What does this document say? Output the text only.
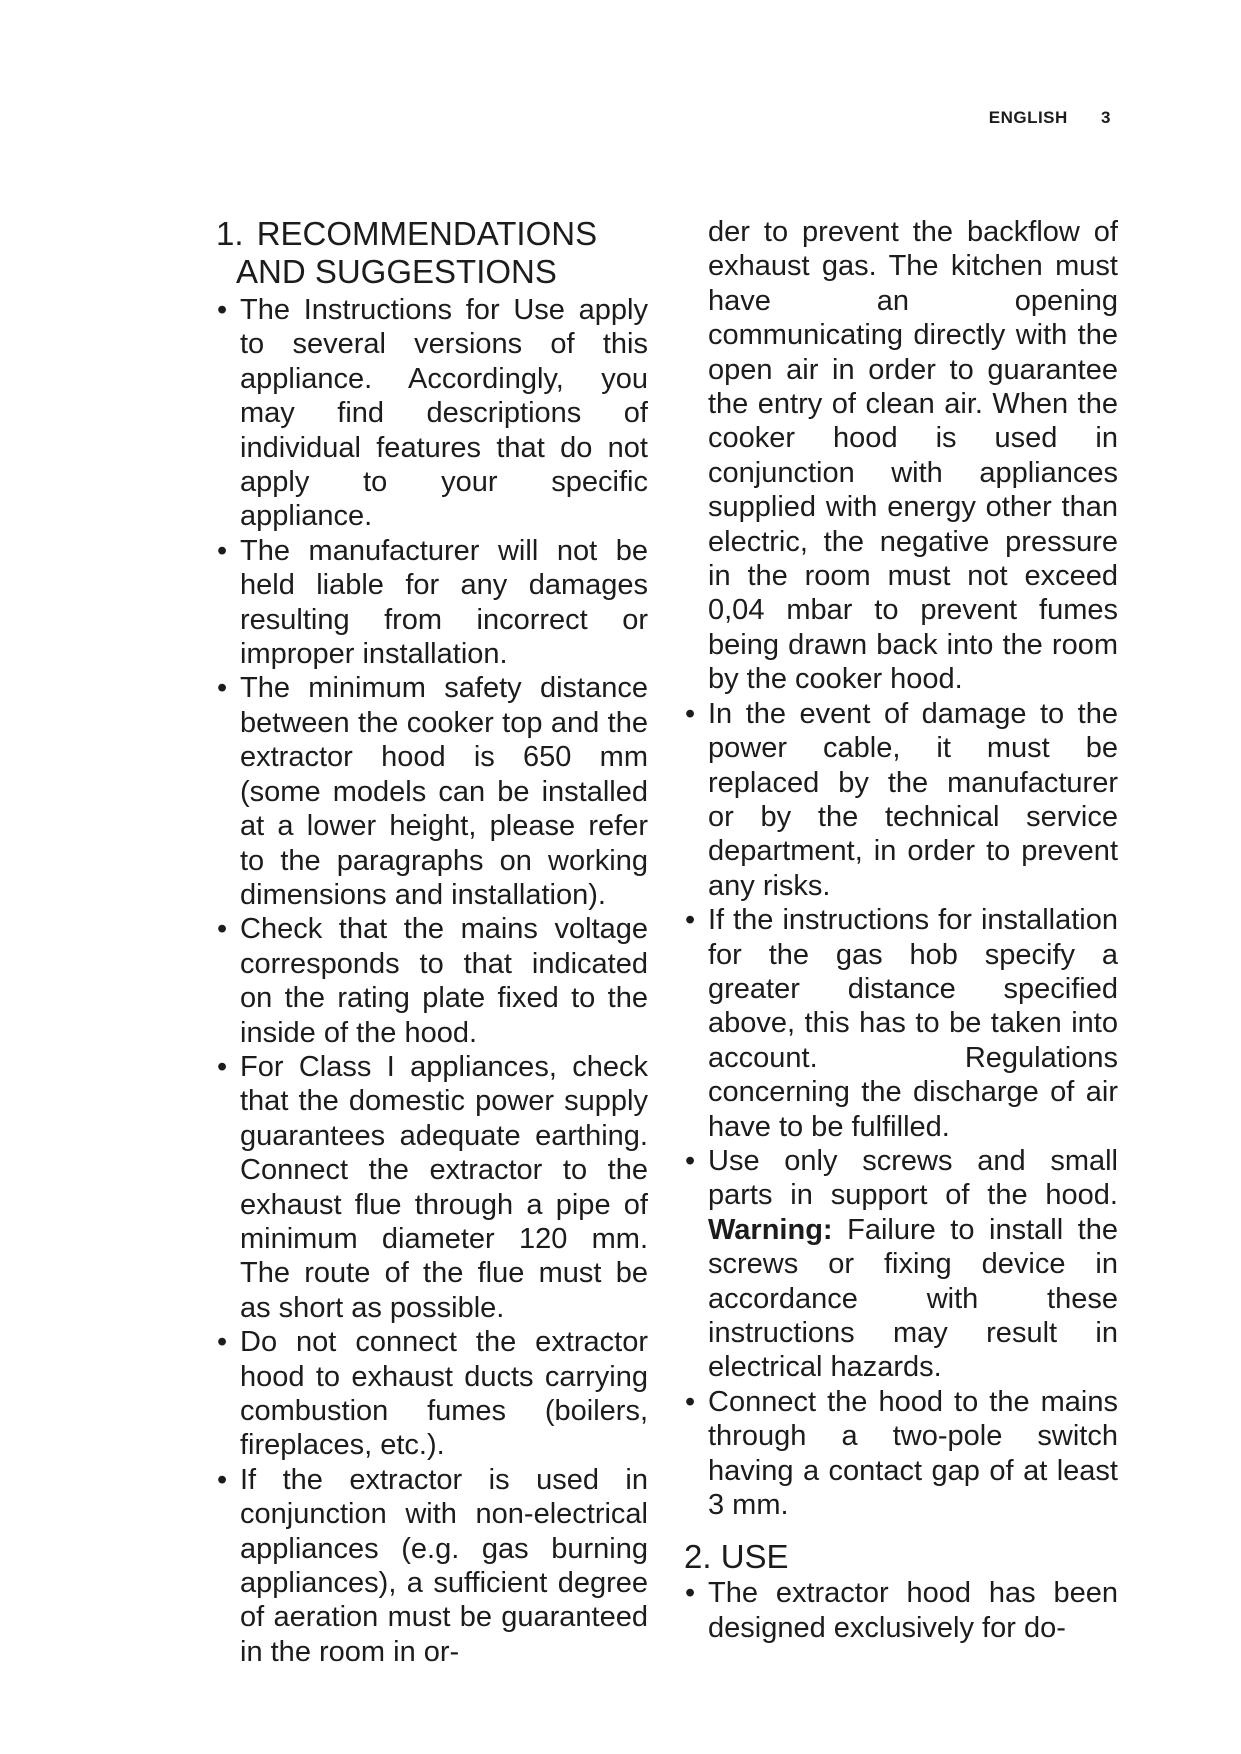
ENGLISH 3
1. RECOMMENDATIONS
AND SUGGESTIONS
• The Instructions for Use apply to several versions of this appliance. Accordingly, you may find descriptions of individual features that do not apply to your specific appliance.
• The manufacturer will not be held liable for any damages resulting from incorrect or improper installation.
• The minimum safety distance between the cooker top and the extractor hood is 650 mm (some models can be installed at a lower height, please refer to the paragraphs on working dimensions and installation).
• Check that the mains voltage corresponds to that indicated on the rating plate fixed to the inside of the hood.
• For Class I appliances, check that the domestic power supply guarantees adequate earthing. Connect the extractor to the exhaust flue through a pipe of minimum diameter 120 mm. The route of the flue must be as short as possible.
• Do not connect the extractor hood to exhaust ducts carrying combustion fumes (boilers, fireplaces, etc.).
• If the extractor is used in conjunction with non-electrical appliances (e.g. gas burning appliances), a sufficient degree of aeration must be guaranteed in the room in or-
der to prevent the backflow of exhaust gas. The kitchen must have an opening communicating directly with the open air in order to guarantee the entry of clean air. When the cooker hood is used in conjunction with appliances supplied with energy other than electric, the negative pressure in the room must not exceed 0,04 mbar to prevent fumes being drawn back into the room by the cooker hood.
• In the event of damage to the power cable, it must be replaced by the manufacturer or by the technical service department, in order to prevent any risks.
• If the instructions for installation for the gas hob specify a greater distance specified above, this has to be taken into account. Regulations concerning the discharge of air have to be fulfilled.
• Use only screws and small parts in support of the hood. Warning: Failure to install the screws or fixing device in accordance with these instructions may result in electrical hazards.
• Connect the hood to the mains through a two-pole switch having a contact gap of at least 3 mm.
2. USE
• The extractor hood has been designed exclusively for do-
